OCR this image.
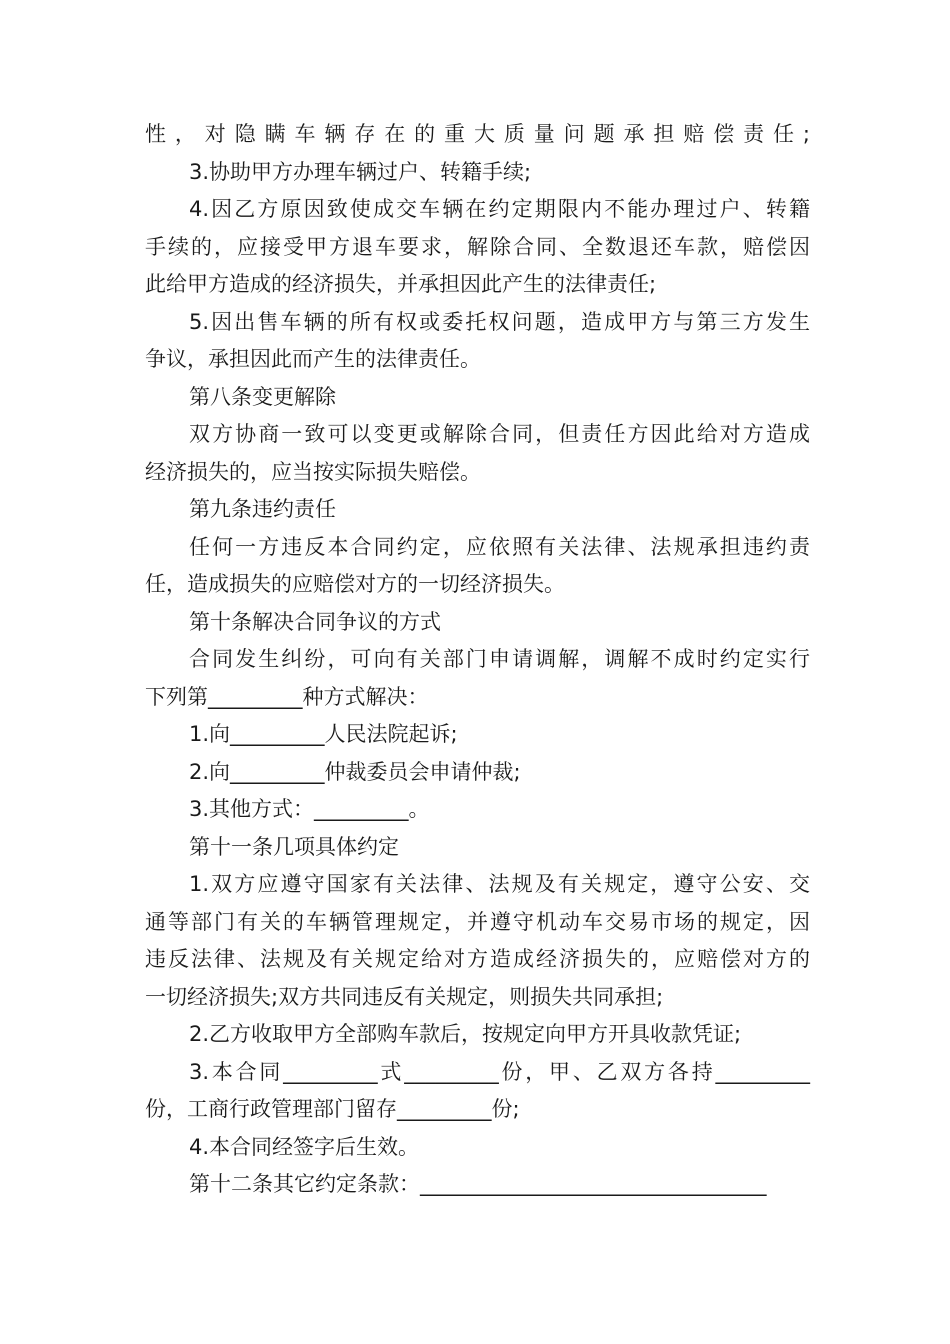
性，对隐瞒车辆存在的重大质量问题承担赔偿责任;
3.协助甲方办理车辆过户、转籍手续;
4.因乙方原因致使成交车辆在约定期限内不能办理过户、转籍
手续的，应接受甲方退车要求，解除合同、全数退还车款，赔偿因
此给甲方造成的经济损失，并承担因此产生的法律责任;
5.因出售车辆的所有权或委托权问题，造成甲方与第三方发生
争议，承担因此而产生的法律责任。
第八条变更解除
双方协商一致可以变更或解除合同，但责任方因此给对方造成
经济损失的，应当按实际损失赔偿。
第九条违约责任
任何一方违反本合同约定，应依照有关法律、法规承担违约责
任，造成损失的应赔偿对方的一切经济损失。
第十条解决合同争议的方式
合同发生纠纷，可向有关部门申请调解，调解不成时约定实行
下列第_________种方式解决：
1.向_________人民法院起诉;
2.向_________仲裁委员会申请仲裁;
3.其他方式：_________。
第十一条几项具体约定
1.双方应遵守国家有关法律、法规及有关规定，遵守公安、交
通等部门有关的车辆管理规定，并遵守机动车交易市场的规定，因
违反法律、法规及有关规定给对方造成经济损失的，应赔偿对方的
一切经济损失;双方共同违反有关规定，则损失共同承担;
2.乙方收取甲方全部购车款后，按规定向甲方开具收款凭证;
3.本合同_________式_________份，甲、乙双方各持_________
份，工商行政管理部门留存_________份;
4.本合同经签字后生效。
第十二条其它约定条款：_________________________________
